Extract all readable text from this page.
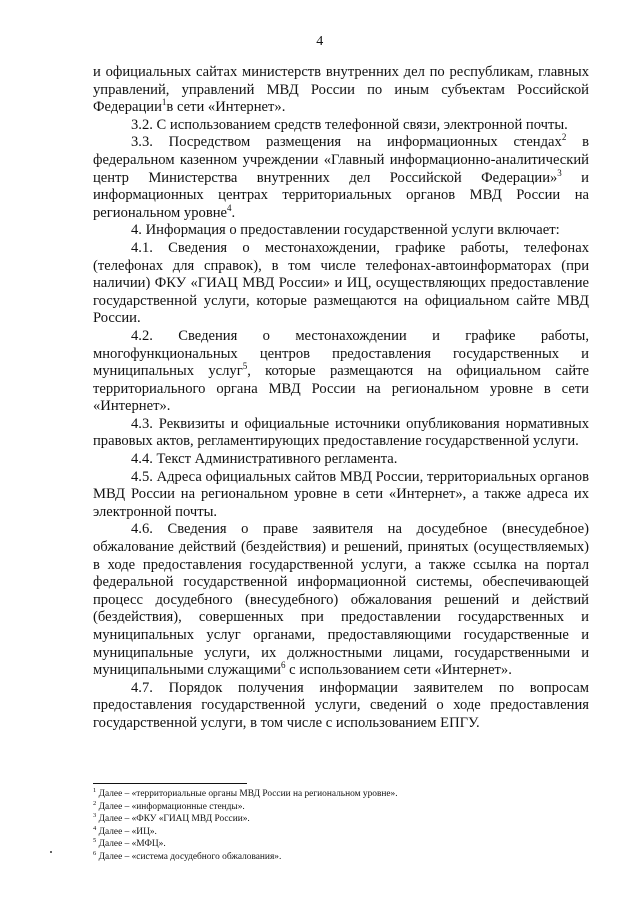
4

и официальных сайтах министерств внутренних дел по республикам, главных управлений, управлений МВД России по иным субъектам Российской Федерации$^1$в сети «Интернет».

3.2. С использованием средств телефонной связи, электронной почты.

3.3. Посредством размещения на информационных стендах$^2$ в федеральном казенном учреждении «Главный информационно-аналитический центр Министерства внутренних дел Российской Федерации»$^3$ и информационных центрах территориальных органов МВД России на региональном уровне$^4$.

4. Информация о предоставлении государственной услуги включает:

4.1. Сведения о местонахождении, графике работы, телефонах (телефонах для справок), в том числе телефонах-автоинформаторах (при наличии) ФКУ «ГИАЦ МВД России» и ИЦ, осуществляющих предоставление государственной услуги, которые размещаются на официальном сайте МВД России.

4.2. Сведения о местонахождении и графике работы, многофункциональных центров предоставления государственных и муниципальных услуг$^5$, которые размещаются на официальном сайте территориального органа МВД России на региональном уровне в сети «Интернет».

4.3. Реквизиты и официальные источники опубликования нормативных правовых актов, регламентирующих предоставление государственной услуги.

4.4. Текст Административного регламента.

4.5. Адреса официальных сайтов МВД России, территориальных органов МВД России на региональном уровне в сети «Интернет», а также адреса их электронной почты.

4.6. Сведения о праве заявителя на досудебное (внесудебное) обжалование действий (бездействия) и решений, принятых (осуществляемых) в ходе предоставления государственной услуги, а также ссылка на портал федеральной государственной информационной системы, обеспечивающей процесс досудебного (внесудебного) обжалования решений и действий (бездействия), совершенных при предоставлении государственных и муниципальных услуг органами, предоставляющими государственные и муниципальные услуги, их должностными лицами, государственными и муниципальными служащими$^6$ с использованием сети «Интернет».

4.7. Порядок получения информации заявителем по вопросам предоставления государственной услуги, сведений о ходе предоставления государственной услуги, в том числе с использованием ЕПГУ.

$^1$ Далее – «территориальные органы МВД России на региональном уровне».
$^2$ Далее – «информационные стенды».
$^3$ Далее – «ФКУ «ГИАЦ МВД России».
$^4$ Далее – «ИЦ».
$^5$ Далее – «МФЦ».
$^6$ Далее – «система досудебного обжалования».
